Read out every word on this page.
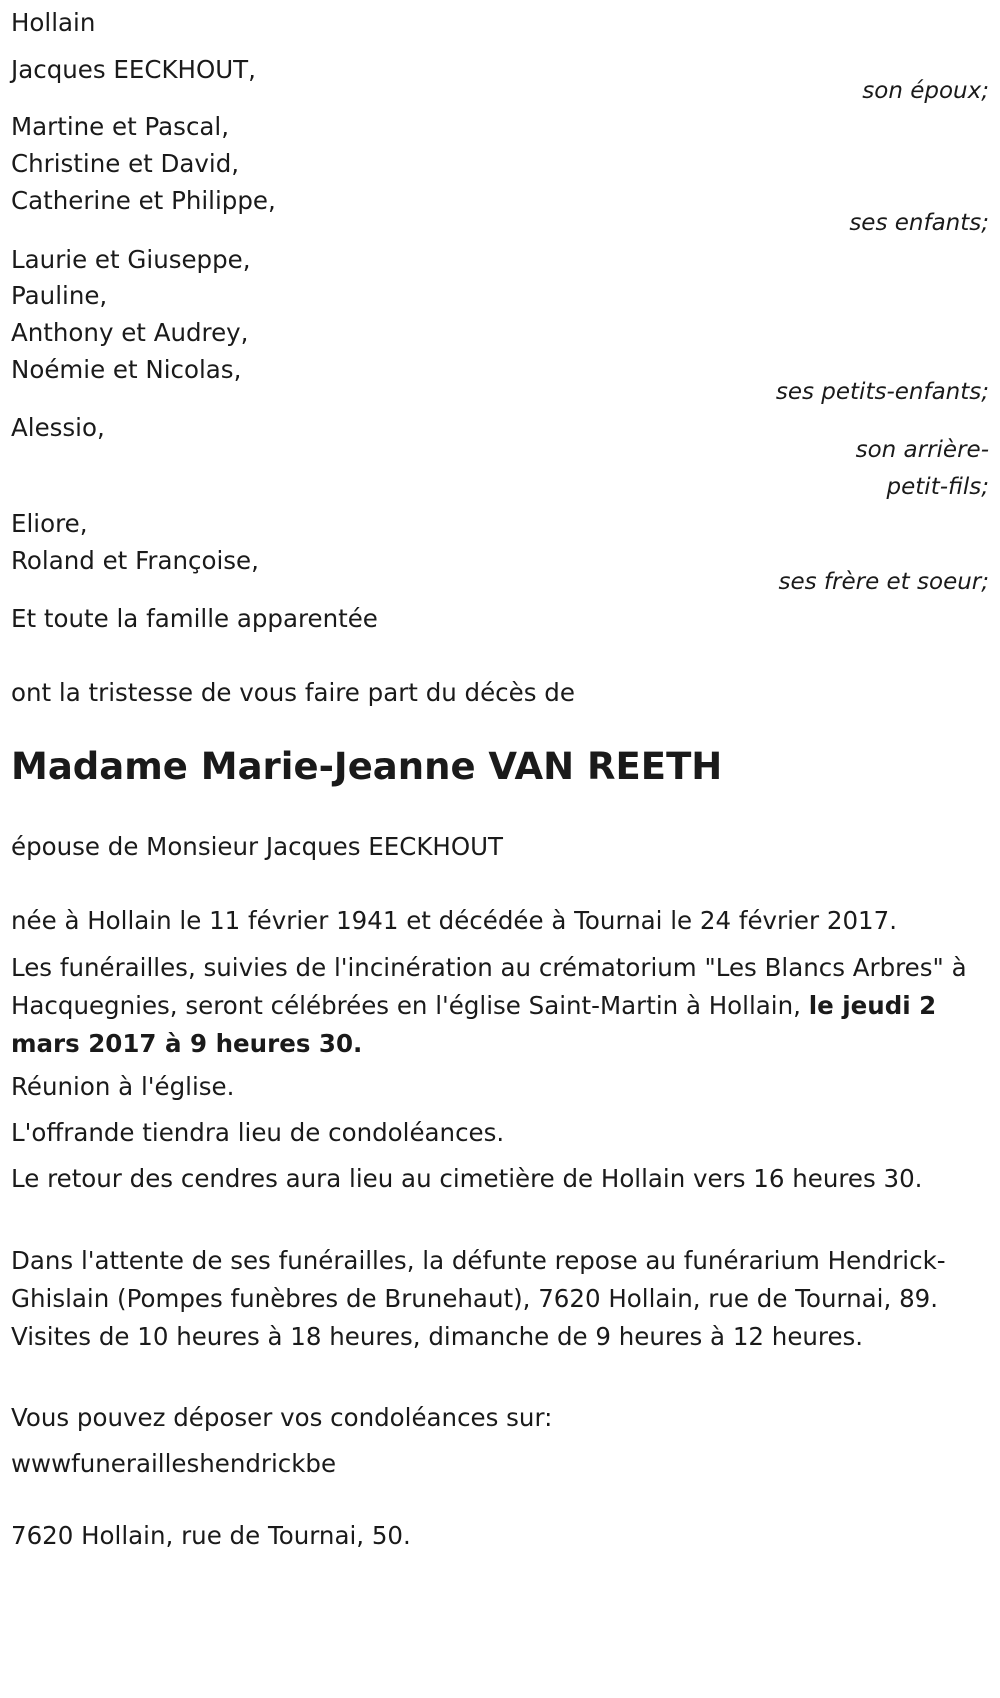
Hollain
Jacques EECKHOUT,
son époux;
Martine et Pascal,
Christine et David,
Catherine et Philippe,
ses enfants;
Laurie et Giuseppe,
Pauline,
Anthony et Audrey,
Noémie et Nicolas,
ses petits-enfants;
Alessio,
son arrière-
petit-fils;
Eliore,
Roland et Françoise,
ses frère et soeur;
Et toute la famille apparentée
ont la tristesse de vous faire part du décès de
Madame Marie-Jeanne VAN REETH
épouse de Monsieur Jacques EECKHOUT
née à Hollain le 11 février 1941 et décédée à Tournai le 24 février 2017.
Les funérailles, suivies de l'incinération au crématorium "Les Blancs Arbres" à Hacquegnies, seront célébrées en l'église Saint-Martin à Hollain, le jeudi 2 mars 2017 à 9 heures 30.
Réunion à l'église.
L'offrande tiendra lieu de condoléances.
Le retour des cendres aura lieu au cimetière de Hollain vers 16 heures 30.
Dans l'attente de ses funérailles, la défunte repose au funérarium Hendrick-Ghislain (Pompes funèbres de Brunehaut), 7620 Hollain, rue de Tournai, 89. Visites de 10 heures à 18 heures, dimanche de 9 heures à 12 heures.
Vous pouvez déposer vos condoléances sur:
wwwfunerailleshendrickbe
7620 Hollain, rue de Tournai, 50.
